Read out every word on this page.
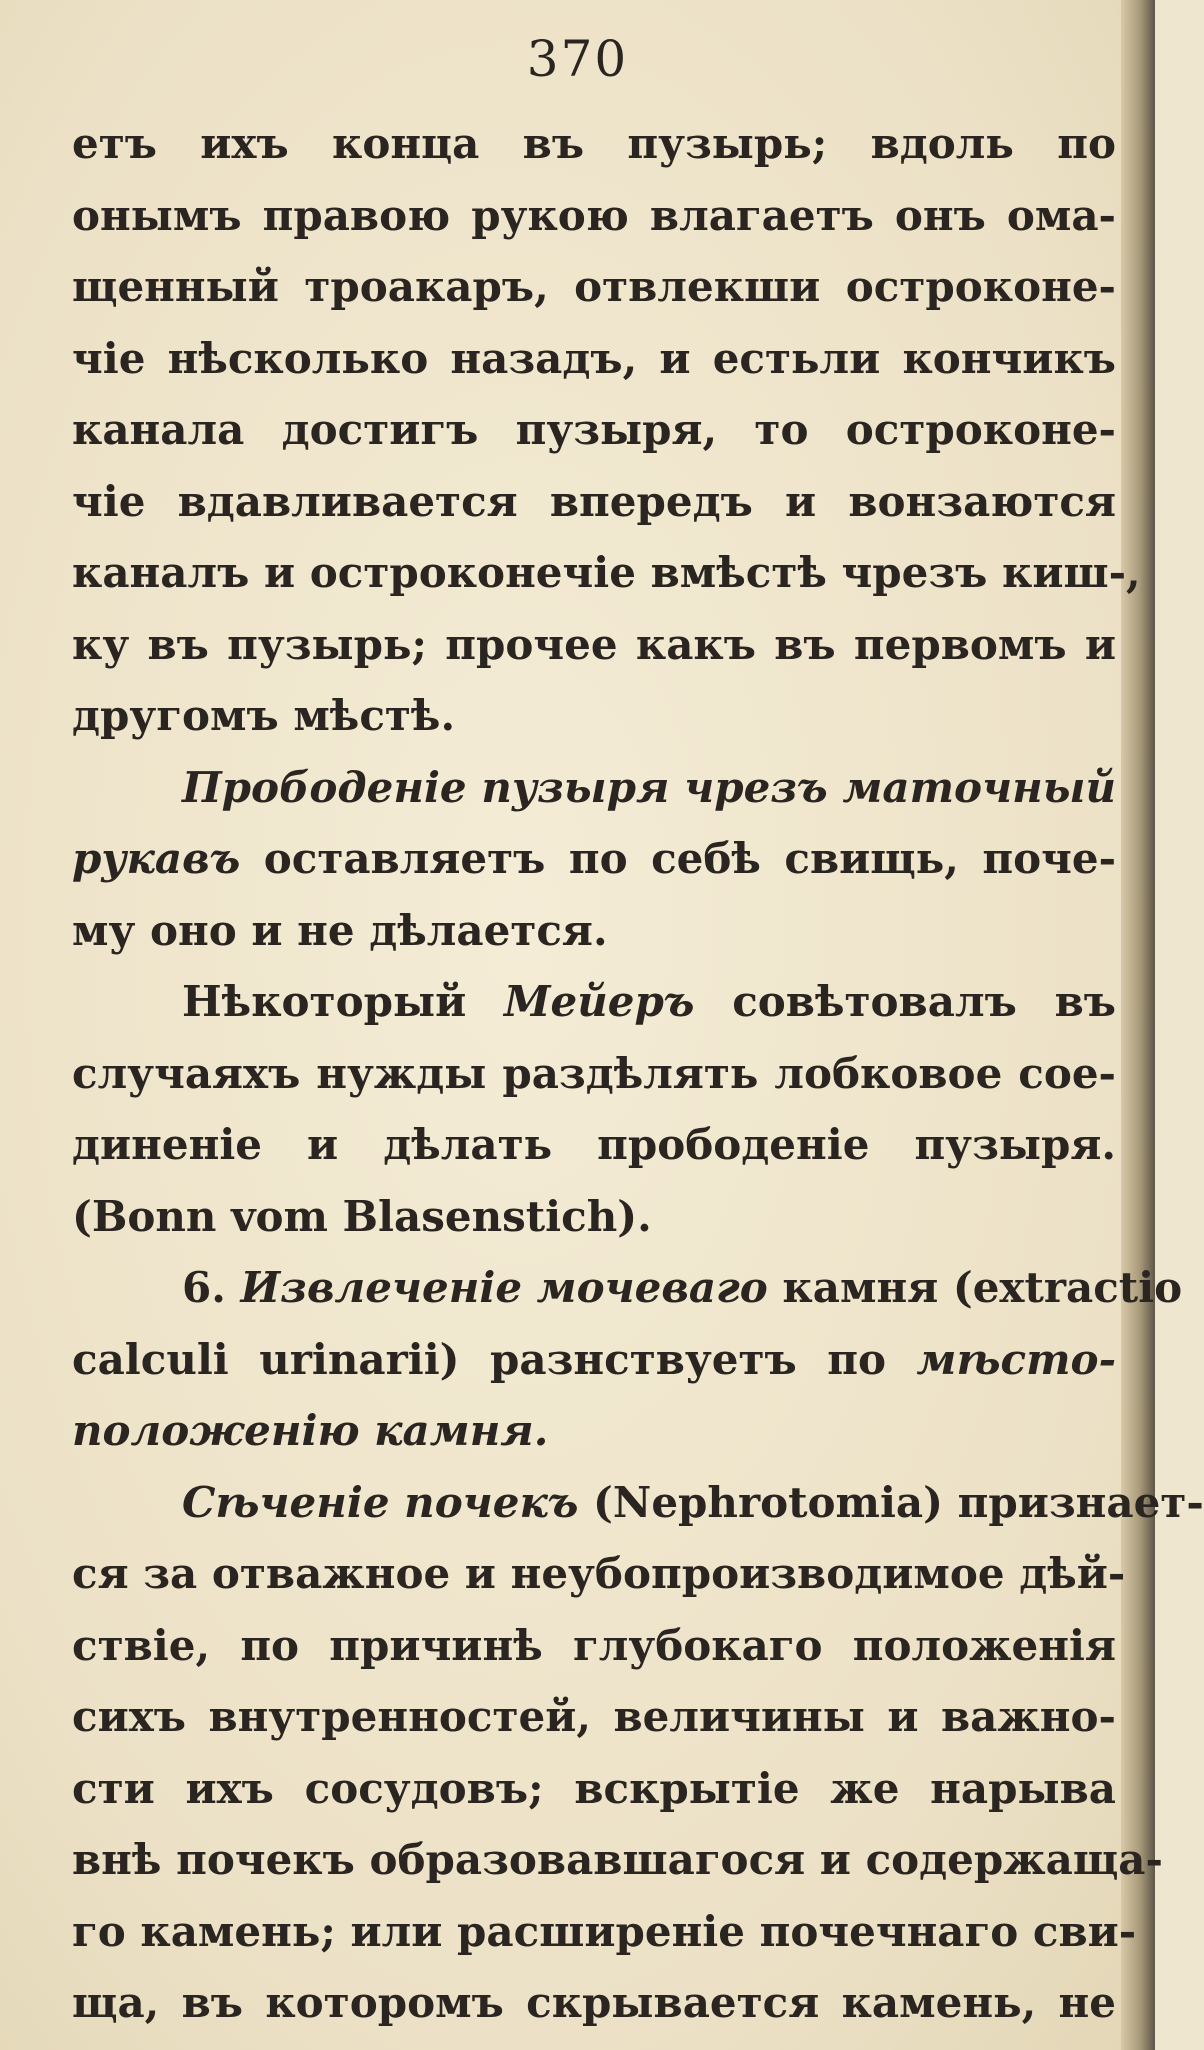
370
етъ ихъ конца въ пузырь; вдоль по
онымъ правою рукою влагаетъ онъ ома-
щенный троакаръ, отвлекши остроконе-
чіе нѣсколько назадъ, и естьли кончикъ
канала достигъ пузыря, то остроконе-
чіе вдавливается впередъ и вонзаются
каналъ и остроконечіе вмѣстѣ чрезъ киш-,
ку въ пузырь; прочее какъ въ первомъ и
другомъ мѣстѣ.
Прободеніе пузыря чрезъ маточный
рукавъ оставляетъ по себѣ свищь, поче-
му оно и не дѣлается.
Нѣкоторый Мейеръ совѣтовалъ въ
случаяхъ нужды раздѣлять лобковое сое-
диненіе и дѣлать прободеніе пузыря.
(Bonn vom Blasenstich).
6. Извлеченіе мочеваго камня (extractio
calculi urinarii) разнствуетъ по мѣсто-
положенію камня.
Сѣченіе почекъ (Nephrotomia) признает-
ся за отважное и неубопроизводимое дѣй-
ствіе, по причинѣ глубокаго положенія
сихъ внутренностей, величины и важно-
сти ихъ сосудовъ; вскрытіе же нарыва
внѣ почекъ образовавшагося и содержаща-
го камень; или расширеніе почечнаго сви-
ща, въ которомъ скрывается камень, не
